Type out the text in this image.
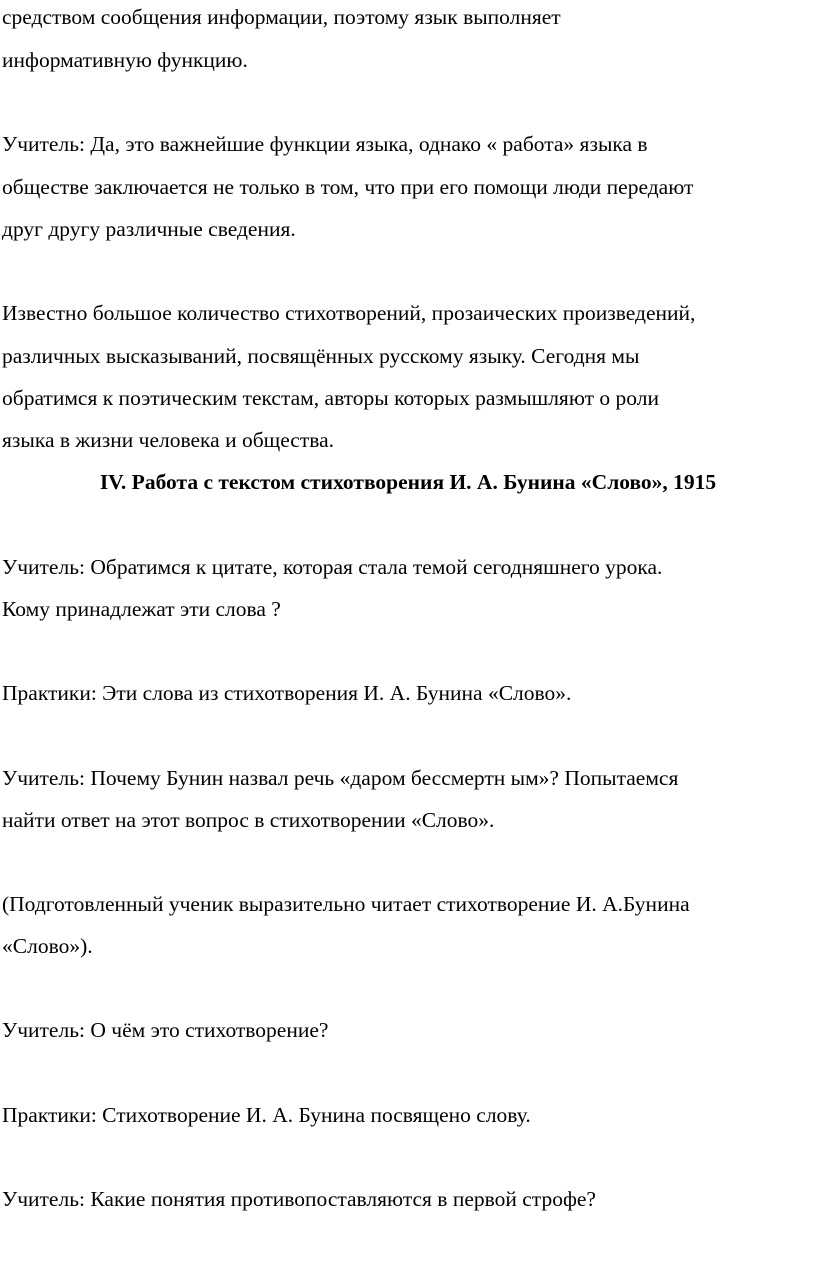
средством сообщения информации, поэтому язык выполняет
информативную функцию.
Учитель: Да, это важнейшие функции языка, однако « работа» языка в
обществе заключается не только в том, что при его помощи люди передают
друг другу различные сведения.
Известно большое количество стихотворений, прозаических произведений,
различных высказываний, посвящённых русскому языку. Сегодня мы
обратимся к поэтическим текстам, авторы которых размышляют о роли
языка в жизни человека и общества.
IV. Работа с текстом стихотворения И. А. Бунина «Слово», 1915
Учитель: Обратимся к цитате, которая стала темой сегодняшнего урока.
Кому принадлежат эти слова ?
Практики: Эти слова из стихотворения И. А. Бунина «Слово».
Учитель: Почему Бунин назвал речь «даром бессмертн ым»? Попытаемся
найти ответ на этот вопрос в стихотворении «Слово».
(Подготовленный ученик выразительно читает стихотворение И. А.Бунина
«Слово»).
Учитель: О чём это стихотворение?
Практики: Стихотворение И. А. Бунина посвящено слову.
Учитель: Какие понятия противопоставляются в первой строфе?
